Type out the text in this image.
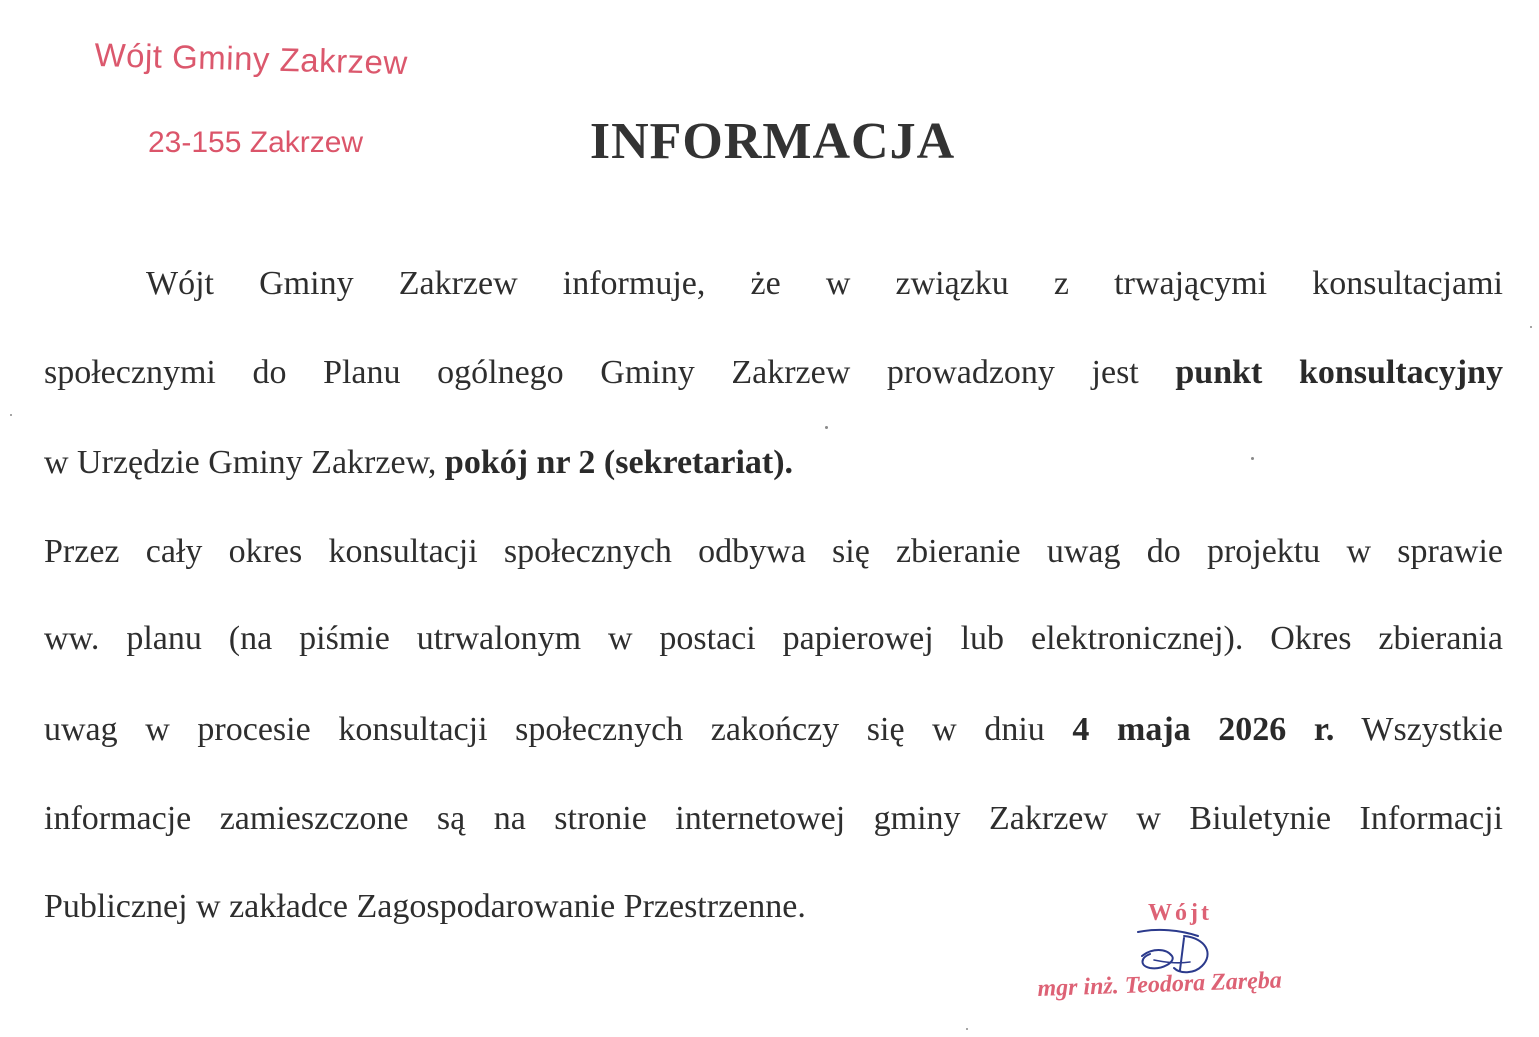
Wójt Gminy Zakrzew
23-155 Zakrzew	INFORMACJA
Wójt Gminy Zakrzew informuje, że w związku z trwającymi konsultacjami
społecznymi do Planu ogólnego Gminy Zakrzew prowadzony jest punkt konsultacyjny
w Urzędzie Gminy Zakrzew, pokój nr 2 (sekretariat).
Przez cały okres konsultacji społecznych odbywa się zbieranie uwag do projektu w sprawie
ww. planu (na piśmie utrwalonym w postaci papierowej lub elektronicznej). Okres zbierania
uwag w procesie konsultacji społecznych zakończy się w dniu 4 maja 2026 r. Wszystkie
informacje zamieszczone są na stronie internetowej gminy Zakrzew w Biuletynie Informacji
Publicznej w zakładce Zagospodarowanie Przestrzenne.	Wójt
mgr inż. Teodora Zaręba
